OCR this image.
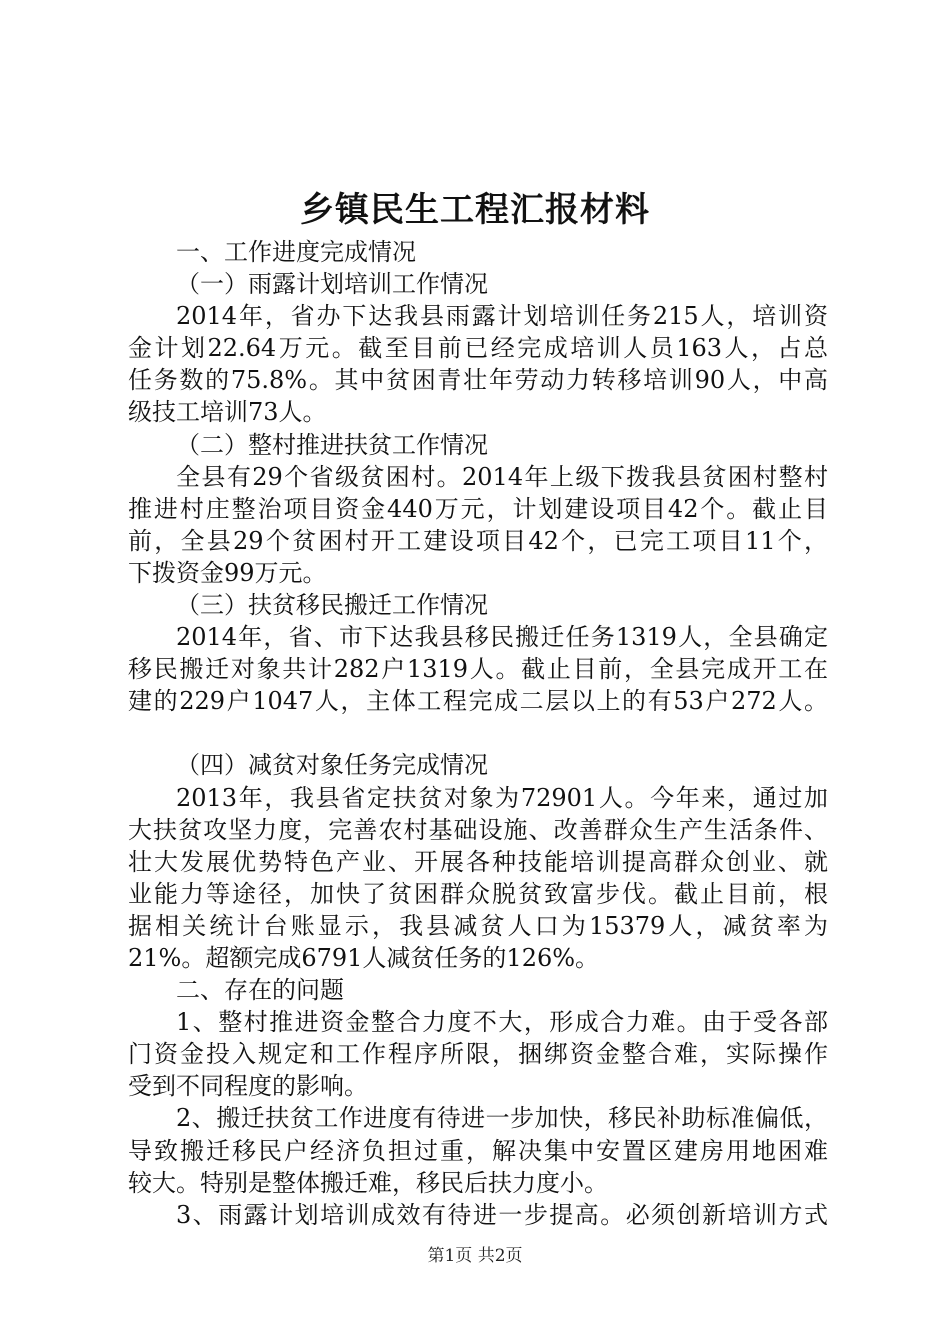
乡镇民生工程汇报材料
一、工作进度完成情况
（一）雨露计划培训工作情况
2014年，省办下达我县雨露计划培训任务215人，培训资
金计划22.64万元。截至目前已经完成培训人员163人，占总
任务数的75.8%。其中贫困青壮年劳动力转移培训90人，中高
级技工培训73人。
（二）整村推进扶贫工作情况
全县有29个省级贫困村。2014年上级下拨我县贫困村整村
推进村庄整治项目资金440万元，计划建设项目42个。截止目
前，全县29个贫困村开工建设项目42个，已完工项目11个，
下拨资金99万元。
（三）扶贫移民搬迁工作情况
2014年，省、市下达我县移民搬迁任务1319人，全县确定
移民搬迁对象共计282户1319人。截止目前，全县完成开工在
建的229户1047人，主体工程完成二层以上的有53户272人。
（四）减贫对象任务完成情况
2013年，我县省定扶贫对象为72901人。今年来，通过加
大扶贫攻坚力度，完善农村基础设施、改善群众生产生活条件、
壮大发展优势特色产业、开展各种技能培训提高群众创业、就
业能力等途径，加快了贫困群众脱贫致富步伐。截止目前，根
据相关统计台账显示，我县减贫人口为15379人，减贫率为
21%。超额完成6791人减贫任务的126%。
二、存在的问题
1、整村推进资金整合力度不大，形成合力难。由于受各部
门资金投入规定和工作程序所限，捆绑资金整合难，实际操作
受到不同程度的影响。
2、搬迁扶贫工作进度有待进一步加快，移民补助标准偏低，
导致搬迁移民户经济负担过重，解决集中安置区建房用地困难
较大。特别是整体搬迁难，移民后扶力度小。
3、雨露计划培训成效有待进一步提高。必须创新培训方式
第1页 共2页
